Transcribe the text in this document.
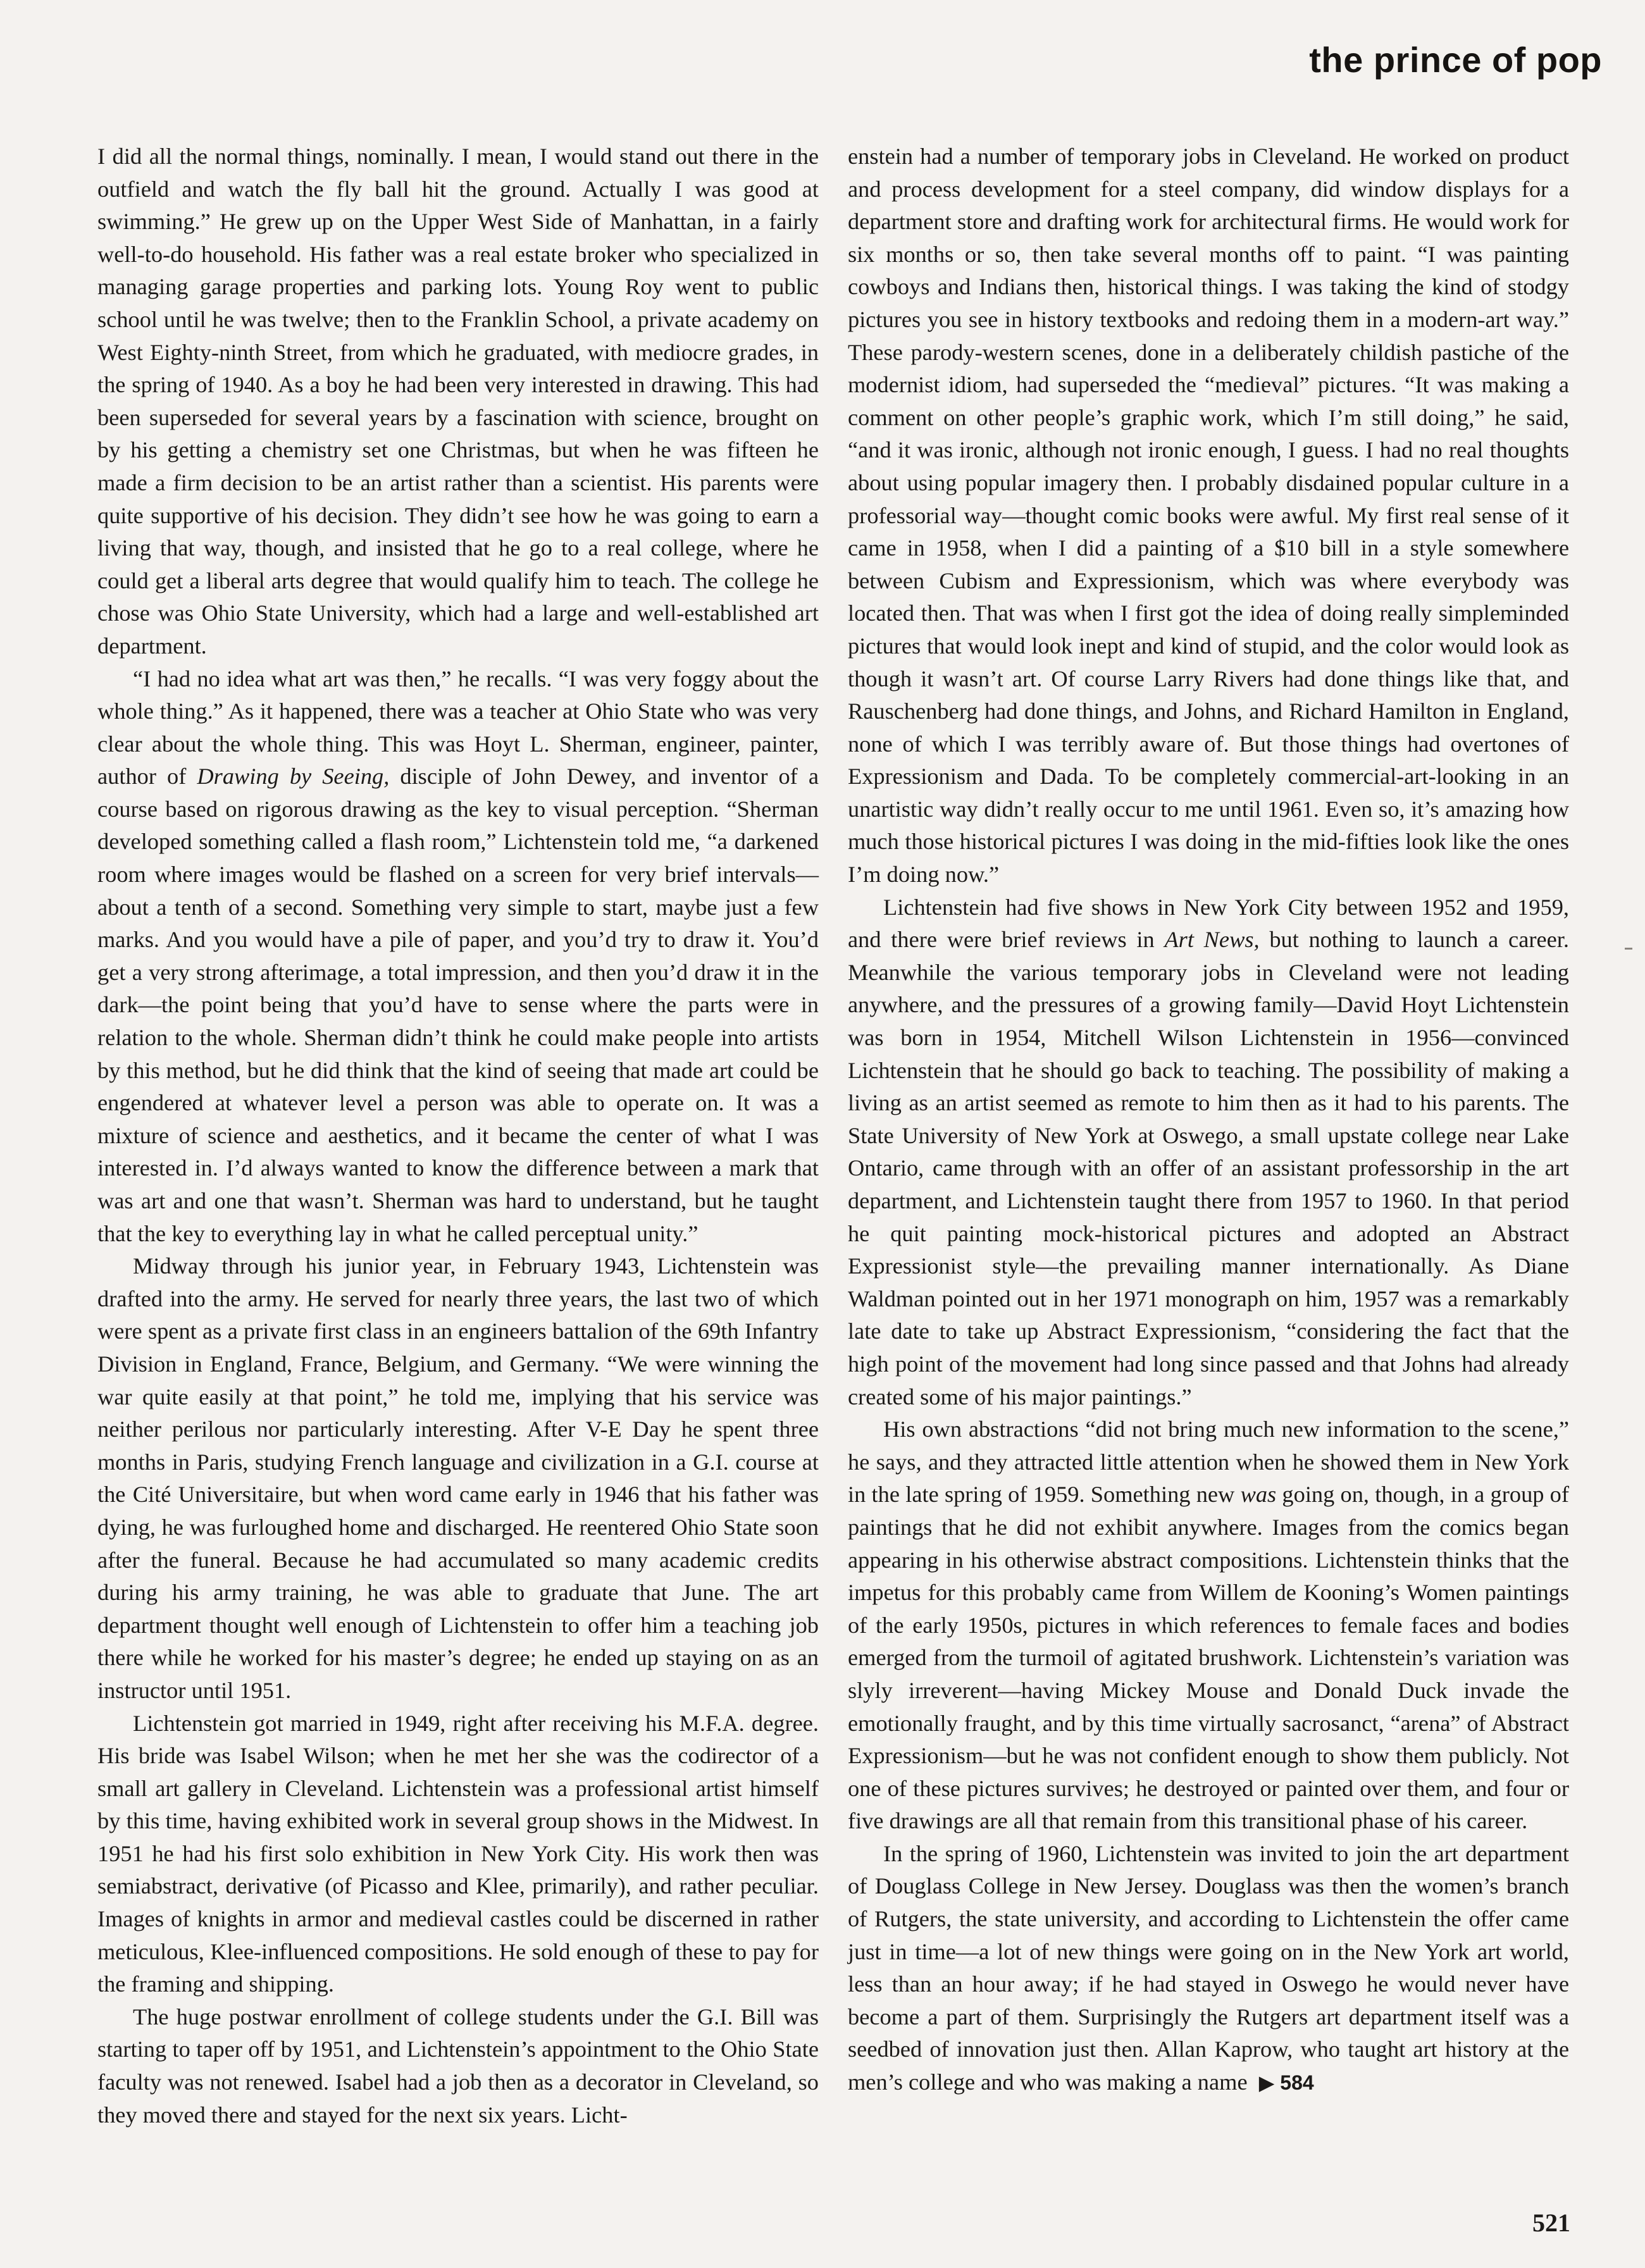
the prince of pop

I did all the normal things, nominally. I mean, I would stand out there in the outfield and watch the fly ball hit the ground. Actually I was good at swimming.” He grew up on the Upper West Side of Manhattan, in a fairly well-to-do household. His father was a real estate broker who specialized in managing garage properties and parking lots. Young Roy went to public school until he was twelve; then to the Franklin School, a private academy on West Eighty-ninth Street, from which he graduated, with mediocre grades, in the spring of 1940. As a boy he had been very interested in drawing. This had been superseded for several years by a fascination with science, brought on by his getting a chemistry set one Christmas, but when he was fifteen he made a firm decision to be an artist rather than a scientist. His parents were quite supportive of his decision. They didn’t see how he was going to earn a living that way, though, and insisted that he go to a real college, where he could get a liberal arts degree that would qualify him to teach. The college he chose was Ohio State University, which had a large and well-established art department.

“I had no idea what art was then,” he recalls. “I was very foggy about the whole thing.” As it happened, there was a teacher at Ohio State who was very clear about the whole thing. This was Hoyt L. Sherman, engineer, painter, author of Drawing by Seeing, disciple of John Dewey, and inventor of a course based on rigorous drawing as the key to visual perception. “Sherman developed something called a flash room,” Lichtenstein told me, “a darkened room where images would be flashed on a screen for very brief intervals—about a tenth of a second. Something very simple to start, maybe just a few marks. And you would have a pile of paper, and you’d try to draw it. You’d get a very strong afterimage, a total impression, and then you’d draw it in the dark—the point being that you’d have to sense where the parts were in relation to the whole. Sherman didn’t think he could make people into artists by this method, but he did think that the kind of seeing that made art could be engendered at whatever level a person was able to operate on. It was a mixture of science and aesthetics, and it became the center of what I was interested in. I’d always wanted to know the difference between a mark that was art and one that wasn’t. Sherman was hard to understand, but he taught that the key to everything lay in what he called perceptual unity.”

Midway through his junior year, in February 1943, Lichtenstein was drafted into the army. He served for nearly three years, the last two of which were spent as a private first class in an engineers battalion of the 69th Infantry Division in England, France, Belgium, and Germany. “We were winning the war quite easily at that point,” he told me, implying that his service was neither perilous nor particularly interesting. After V-E Day he spent three months in Paris, studying French language and civilization in a G.I. course at the Cité Universitaire, but when word came early in 1946 that his father was dying, he was furloughed home and discharged. He reentered Ohio State soon after the funeral. Because he had accumulated so many academic credits during his army training, he was able to graduate that June. The art department thought well enough of Lichtenstein to offer him a teaching job there while he worked for his master’s degree; he ended up staying on as an instructor until 1951.

Lichtenstein got married in 1949, right after receiving his M.F.A. degree. His bride was Isabel Wilson; when he met her she was the codirector of a small art gallery in Cleveland. Lichtenstein was a professional artist himself by this time, having exhibited work in several group shows in the Midwest. In 1951 he had his first solo exhibition in New York City. His work then was semiabstract, derivative (of Picasso and Klee, primarily), and rather peculiar. Images of knights in armor and medieval castles could be discerned in rather meticulous, Klee-influenced compositions. He sold enough of these to pay for the framing and shipping.

The huge postwar enrollment of college students under the G.I. Bill was starting to taper off by 1951, and Lichtenstein’s appointment to the Ohio State faculty was not renewed. Isabel had a job then as a decorator in Cleveland, so they moved there and stayed for the next six years. Licht-

enstein had a number of temporary jobs in Cleveland. He worked on product and process development for a steel company, did window displays for a department store and drafting work for architectural firms. He would work for six months or so, then take several months off to paint. “I was painting cowboys and Indians then, historical things. I was taking the kind of stodgy pictures you see in history textbooks and redoing them in a modern-art way.” These parody-western scenes, done in a deliberately childish pastiche of the modernist idiom, had superseded the “medieval” pictures. “It was making a comment on other people’s graphic work, which I’m still doing,” he said, “and it was ironic, although not ironic enough, I guess. I had no real thoughts about using popular imagery then. I probably disdained popular culture in a professorial way—thought comic books were awful. My first real sense of it came in 1958, when I did a painting of a $10 bill in a style somewhere between Cubism and Expressionism, which was where everybody was located then. That was when I first got the idea of doing really simpleminded pictures that would look inept and kind of stupid, and the color would look as though it wasn’t art. Of course Larry Rivers had done things like that, and Rauschenberg had done things, and Johns, and Richard Hamilton in England, none of which I was terribly aware of. But those things had overtones of Expressionism and Dada. To be completely commercial-art-looking in an unartistic way didn’t really occur to me until 1961. Even so, it’s amazing how much those historical pictures I was doing in the mid-fifties look like the ones I’m doing now.”

Lichtenstein had five shows in New York City between 1952 and 1959, and there were brief reviews in Art News, but nothing to launch a career. Meanwhile the various temporary jobs in Cleveland were not leading anywhere, and the pressures of a growing family—David Hoyt Lichtenstein was born in 1954, Mitchell Wilson Lichtenstein in 1956—convinced Lichtenstein that he should go back to teaching. The possibility of making a living as an artist seemed as remote to him then as it had to his parents. The State University of New York at Oswego, a small upstate college near Lake Ontario, came through with an offer of an assistant professorship in the art department, and Lichtenstein taught there from 1957 to 1960. In that period he quit painting mock-historical pictures and adopted an Abstract Expressionist style—the prevailing manner internationally. As Diane Waldman pointed out in her 1971 monograph on him, 1957 was a remarkably late date to take up Abstract Expressionism, “considering the fact that the high point of the movement had long since passed and that Johns had already created some of his major paintings.”

His own abstractions “did not bring much new information to the scene,” he says, and they attracted little attention when he showed them in New York in the late spring of 1959. Something new was going on, though, in a group of paintings that he did not exhibit anywhere. Images from the comics began appearing in his otherwise abstract compositions. Lichtenstein thinks that the impetus for this probably came from Willem de Kooning’s Women paintings of the early 1950s, pictures in which references to female faces and bodies emerged from the turmoil of agitated brushwork. Lichtenstein’s variation was slyly irreverent—having Mickey Mouse and Donald Duck invade the emotionally fraught, and by this time virtually sacrosanct, “arena” of Abstract Expressionism—but he was not confident enough to show them publicly. Not one of these pictures survives; he destroyed or painted over them, and four or five drawings are all that remain from this transitional phase of his career.

In the spring of 1960, Lichtenstein was invited to join the art department of Douglass College in New Jersey. Douglass was then the women’s branch of Rutgers, the state university, and according to Lichtenstein the offer came just in time—a lot of new things were going on in the New York art world, less than an hour away; if he had stayed in Oswego he would never have become a part of them. Surprisingly the Rutgers art department itself was a seedbed of innovation just then. Allan Kaprow, who taught art history at the men’s college and who was making a name ▶ 584

521
